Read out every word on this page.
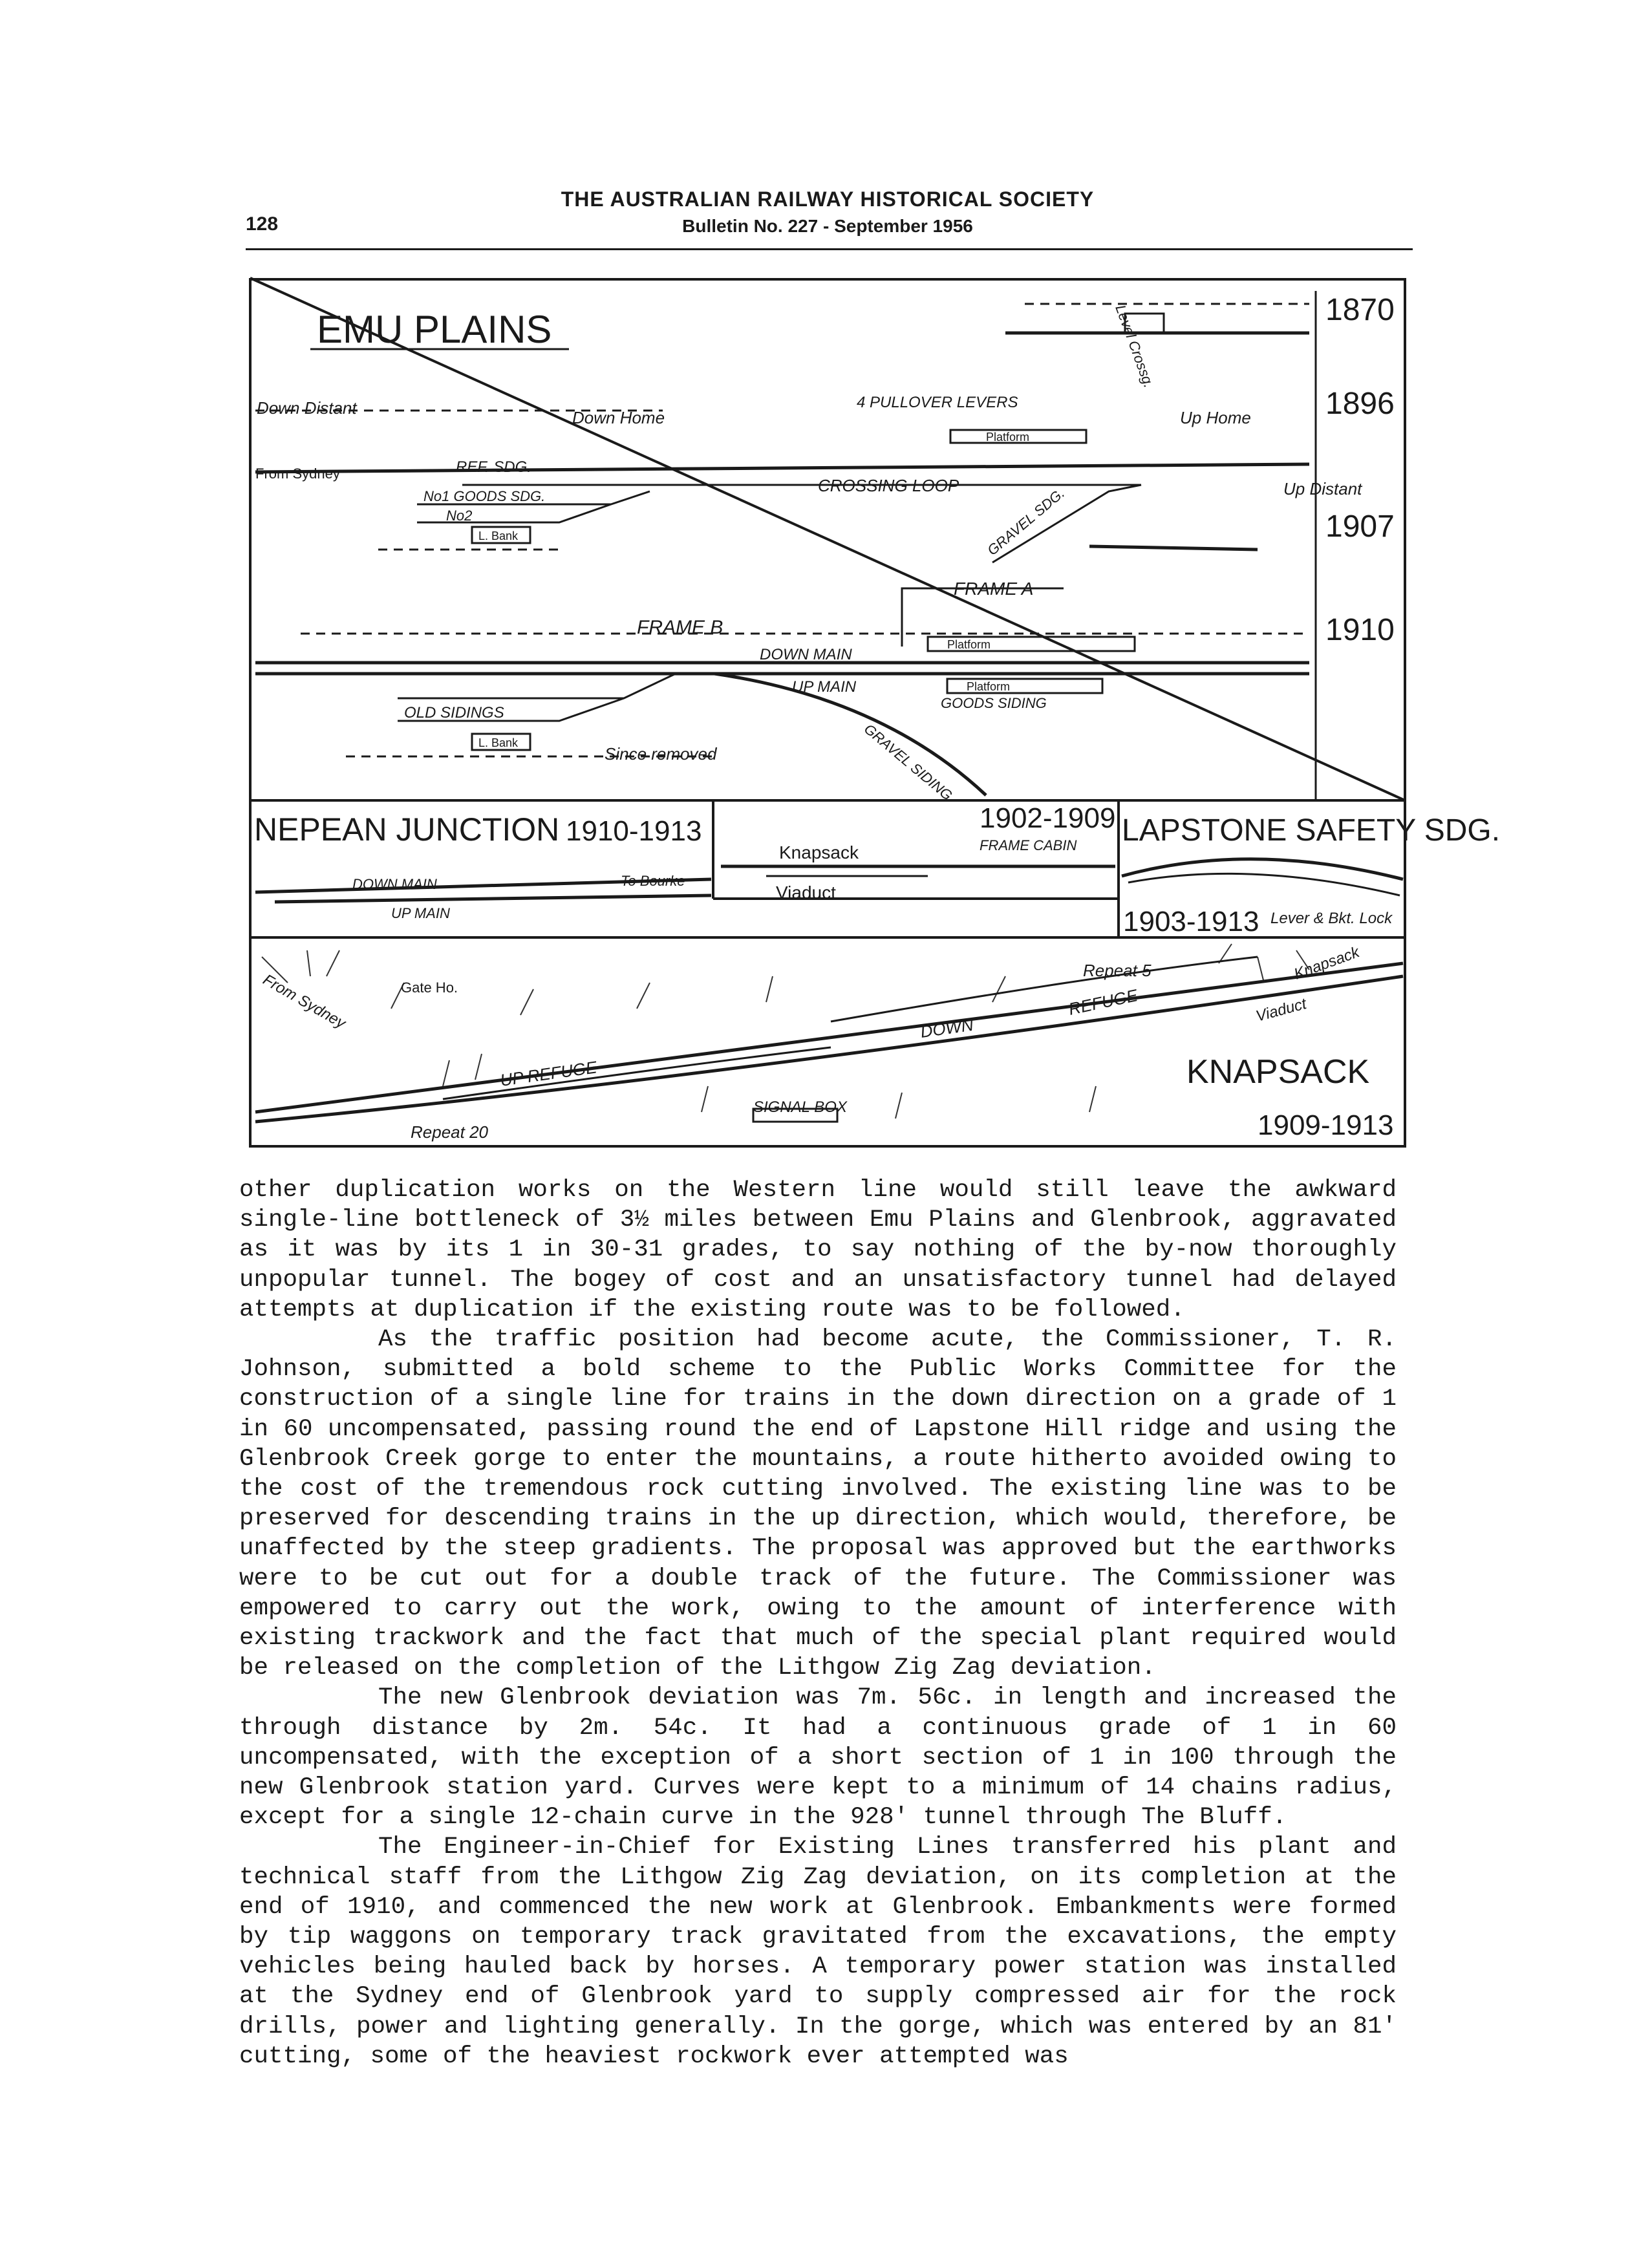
128
THE AUSTRALIAN RAILWAY HISTORICAL SOCIETY
Bulletin No. 227 - September 1956
EMU PLAINS	1870
1896
1907
1910
Level Crossg.
Down Distant	Down Home
4 PULLOVER LEVERS
Platform
Up Home
From Sydney	REF. SDG.
CROSSING LOOP	Up Distant
No1 GOODS SDG.
No2
L. Bank	GRAVEL SDG.
FRAME B
FRAME A
Platform
DOWN MAIN
UP MAIN	Platform
GOODS SIDING
OLD SIDINGS
L. Bank
Since removed	GRAVEL SIDING
NEPEAN JUNCTION 1910-1913
DOWN MAIN
UP MAIN
To Bourke
1902-1909
Knapsack	FRAME CABIN
Viaduct
LAPSTONE SAFETY SDG.
1903-1913 Lever & Bkt. Lock
From Sydney	Gate Ho.
UP REFUGE
DOWN
REFUGE
Repeat 5
Repeat 20
Knapsack
Viaduct
SIGNAL BOX
KNAPSACK
1909-1913

other duplication works on the Western line would still leave the awkward single-line bottleneck of 3½ miles between Emu Plains and Glenbrook, aggravated as it was by its 1 in 30-31 grades, to say nothing of the by-now thoroughly unpopular tunnel. The bogey of cost and an unsatisfactory tunnel had delayed attempts at duplication if the existing route was to be followed.

As the traffic position had become acute, the Commissioner, T. R. Johnson, submitted a bold scheme to the Public Works Committee for the construction of a single line for trains in the down direction on a grade of 1 in 60 uncompensated, passing round the end of Lapstone Hill ridge and using the Glenbrook Creek gorge to enter the mountains, a route hitherto avoided owing to the cost of the tremendous rock cutting involved. The existing line was to be preserved for descending trains in the up direction, which would, therefore, be unaffected by the steep gradients. The proposal was approved but the earthworks were to be cut out for a double track of the future. The Commissioner was empowered to carry out the work, owing to the amount of interference with existing trackwork and the fact that much of the special plant required would be released on the completion of the Lithgow Zig Zag deviation.

The new Glenbrook deviation was 7m. 56c. in length and increased the through distance by 2m. 54c. It had a continuous grade of 1 in 60 uncompensated, with the exception of a short section of 1 in 100 through the new Glenbrook station yard. Curves were kept to a minimum of 14 chains radius, except for a single 12-chain curve in the 928' tunnel through The Bluff.

The Engineer-in-Chief for Existing Lines transferred his plant and technical staff from the Lithgow Zig Zag deviation, on its completion at the end of 1910, and commenced the new work at Glenbrook. Embankments were formed by tip waggons on temporary track gravitated from the excavations, the empty vehicles being hauled back by horses. A temporary power station was installed at the Sydney end of Glenbrook yard to supply compressed air for the rock drills, power and lighting generally. In the gorge, which was entered by an 81' cutting, some of the heaviest rockwork ever attempted was
